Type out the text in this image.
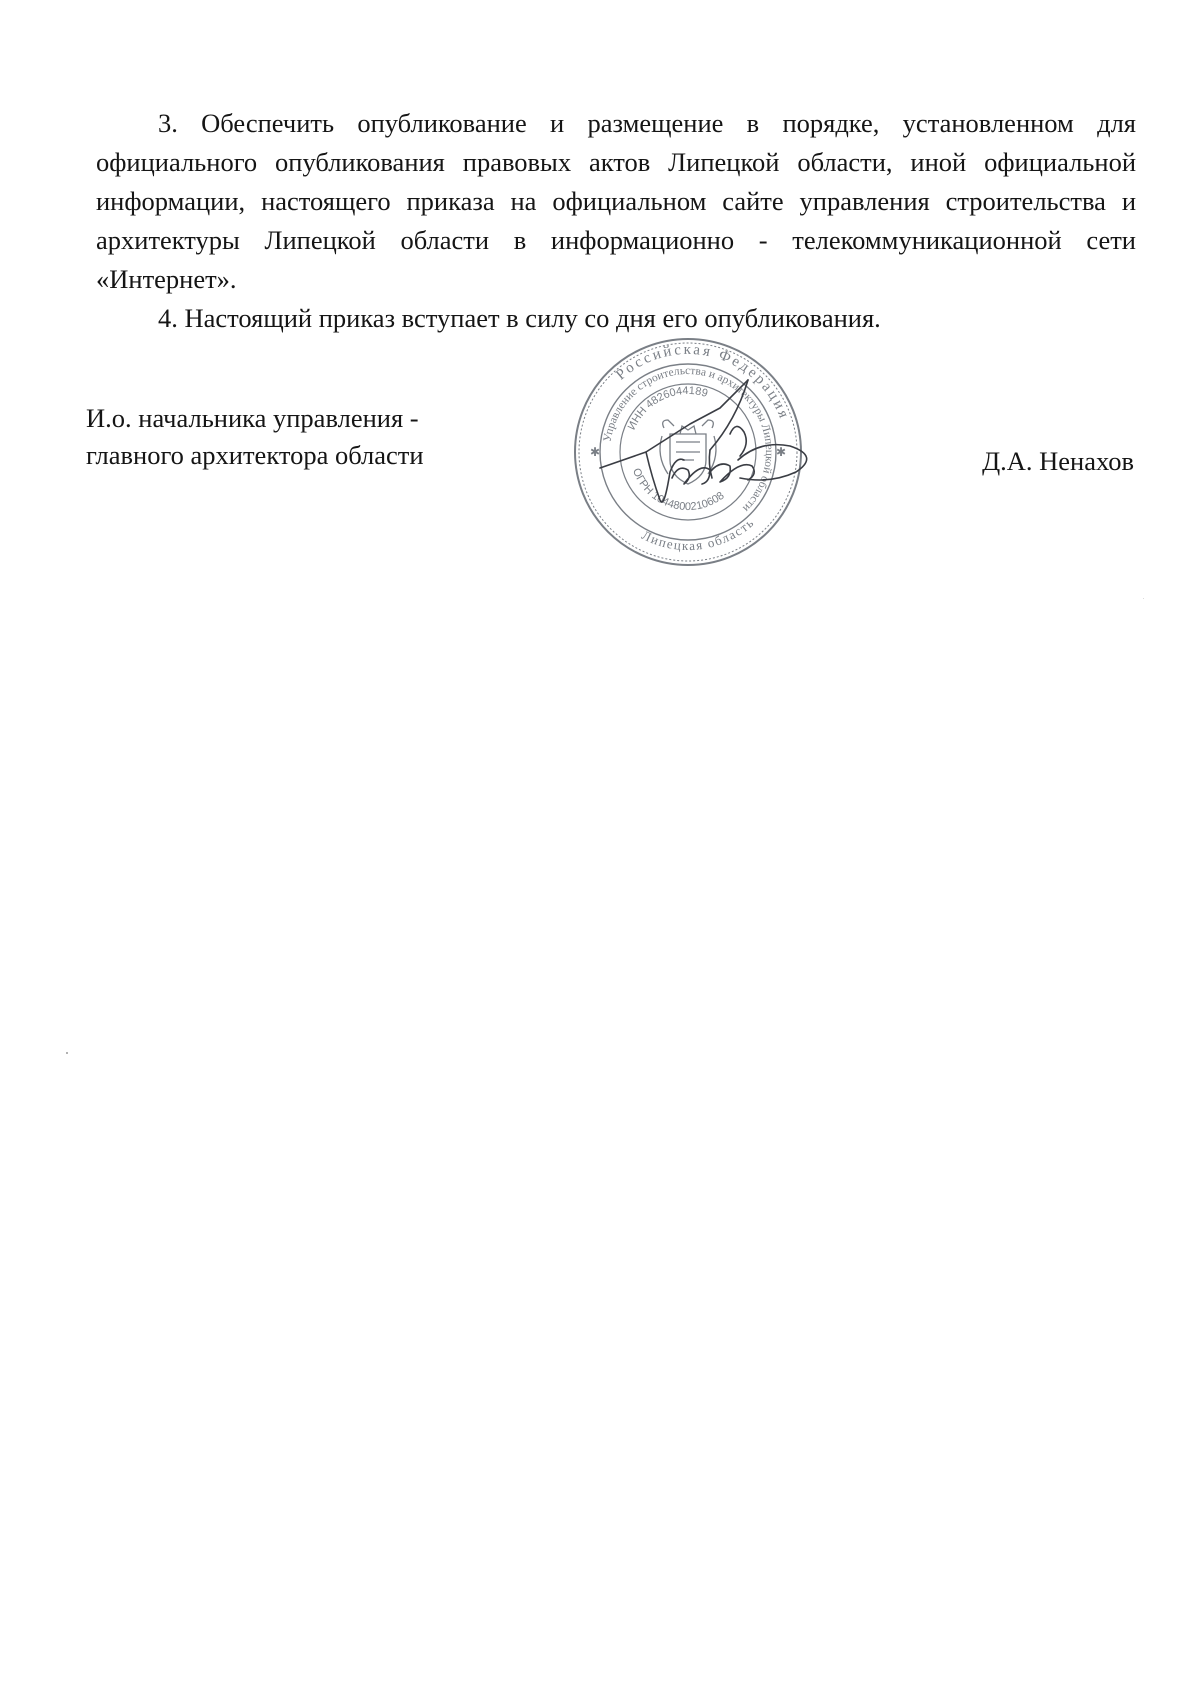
3. Обеспечить опубликование и размещение в порядке, установленном для официального опубликования правовых актов Липецкой области, иной официальной информации, настоящего приказа на официальном сайте управления строительства и архитектуры Липецкой области в информационно - телекоммуникационной сети «Интернет».

4. Настоящий приказ вступает в силу со дня его опубликования.

И.о. начальника управления -
главного архитектора области	Д.А. Ненахов
Российская Федерация
Управление строительства и архитектуры Липецкой области
ИНН 4826044189
ОГРН 1044800210608
Липецкая область
✱	✱
